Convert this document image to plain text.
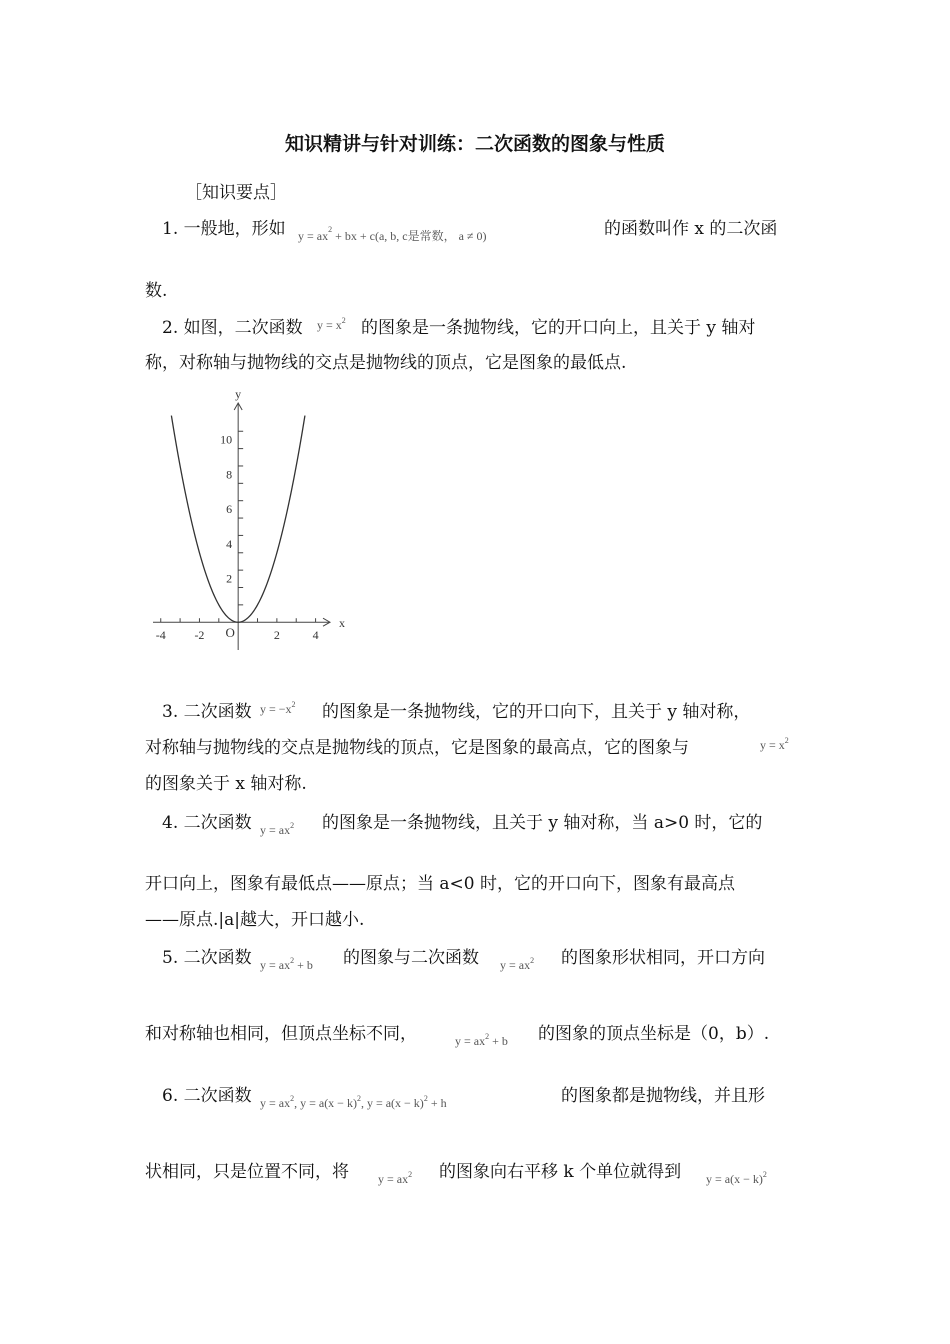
知识精讲与针对训练：二次函数的图象与性质
［知识要点］
1. 一般地，形如 $y = ax^2$ + bx + c(a, b, c是常数， a ≠ 0)	的函数叫作 x 的二次函
数.
2. 如图，二次函数 $y = x^2$ 的图象是一条抛物线，它的开口向上，且关于 y 轴对
称，对称轴与抛物线的交点是抛物线的顶点，它是图象的最低点.
-4 -2	2	4
2
4
6
8
10
O
x
y
3. 二次函数 $y = -x^2$ 的图象是一条抛物线，它的开口向下，且关于 y 轴对称，
对称轴与抛物线的交点是抛物线的顶点，它是图象的最高点，它的图象与	$y = x^2$
的图象关于 x 轴对称.
4. 二次函数 $y = ax^2$ 的图象是一条抛物线，且关于 y 轴对称，当 a>0 时，它的
开口向上，图象有最低点——原点；当 a<0 时，它的开口向下，图象有最高点
——原点.|a|越大，开口越小.
5. 二次函数 $y = ax^2 + b$ 的图象与二次函数 $y = ax^2$ 的图象形状相同，开口方向
和对称轴也相同，但顶点坐标不同，	$y = ax^2 + b$ 的图象的顶点坐标是（0，b）.
6. 二次函数 $y = ax^2$, $y = a(x - k)^2$, $y = a(x - k)^2 + h$	的图象都是抛物线，并且形
状相同，只是位置不同，将 $y = ax^2$ 的图象向右平移 k 个单位就得到 $y = a(x - k)^2$
